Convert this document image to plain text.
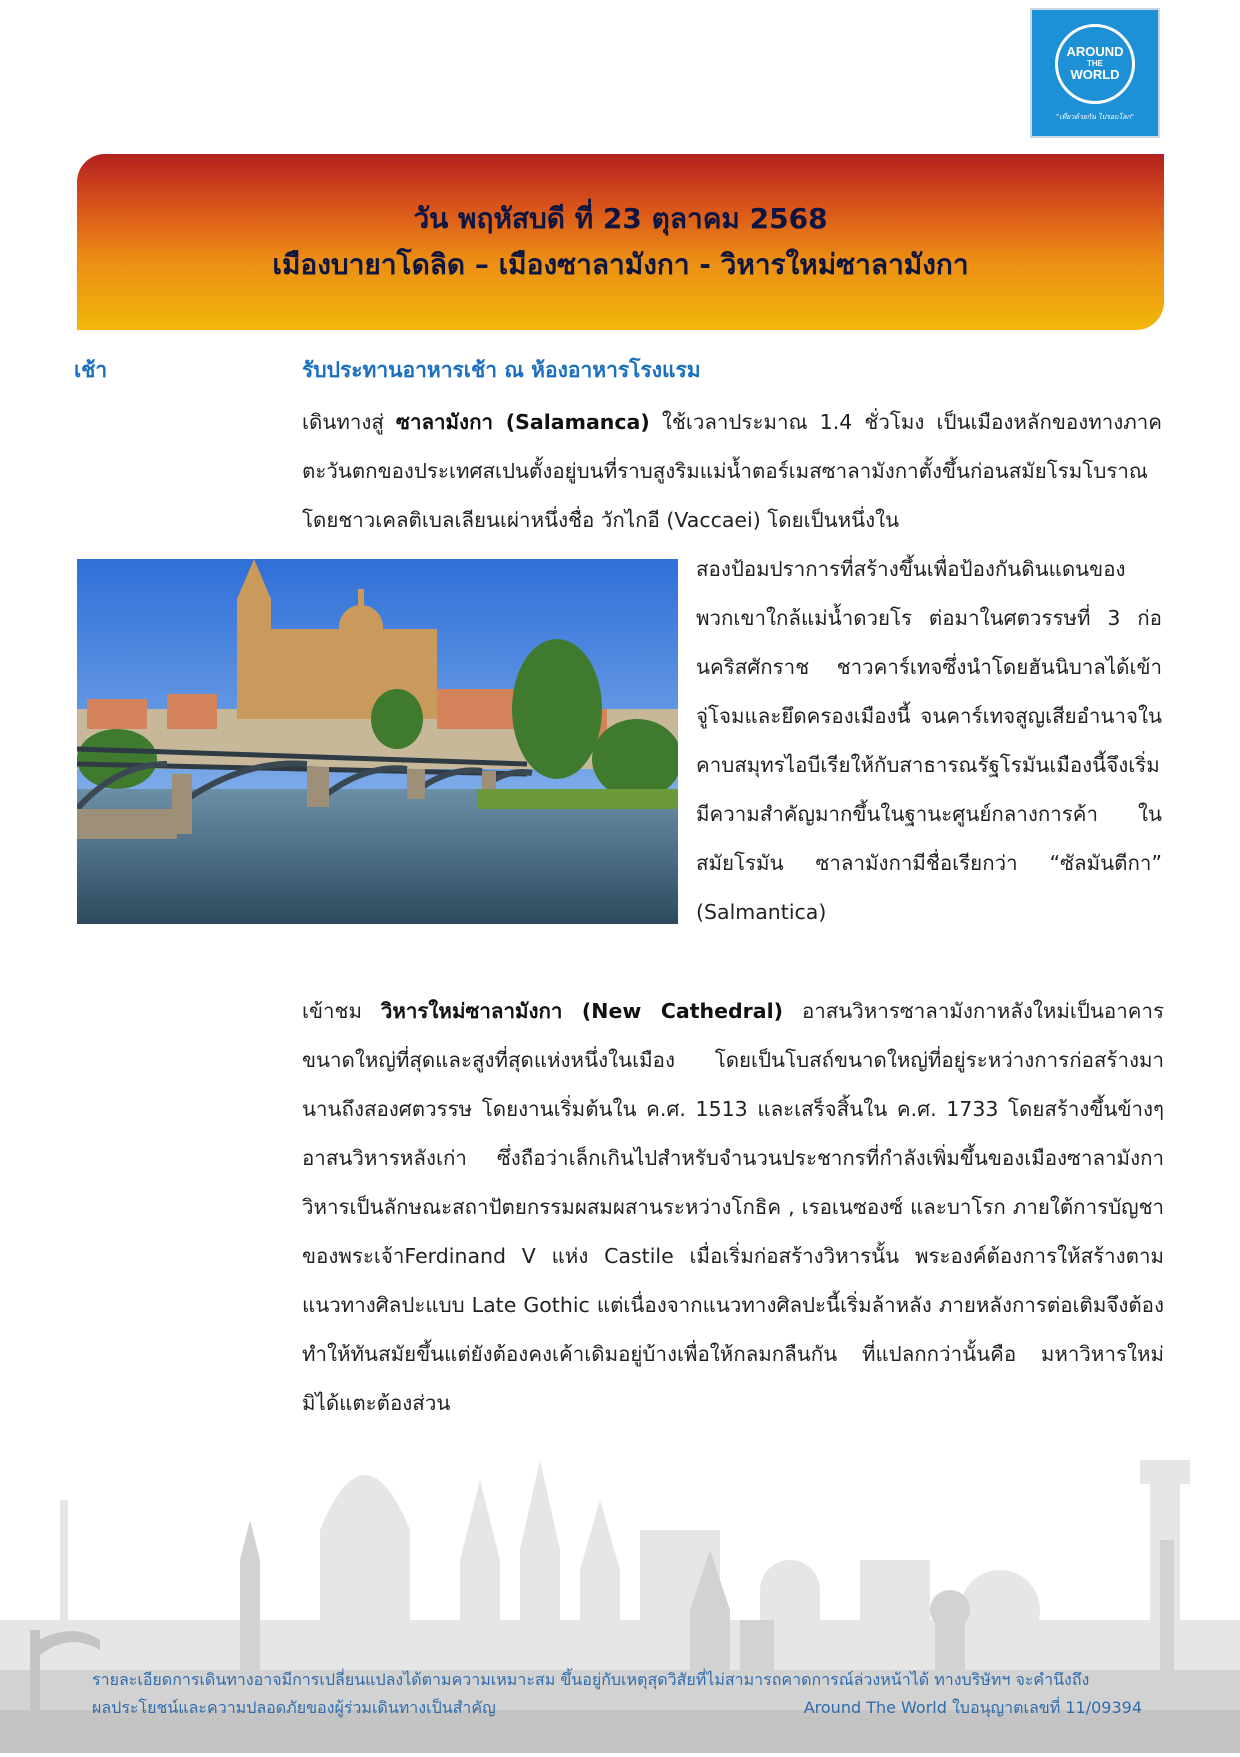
AROUND
THE
WORLD
"เที่ยวด้วยกัน ไปรอบโลก"
วัน พฤหัสบดี ที่ 23 ตุลาคม 2568
เมืองบายาโดลิด – เมืองซาลามังกา - วิหารใหม่ซาลามังกา
เช้า	รับประทานอาหารเช้า ณ ห้องอาหารโรงแรม
เดินทางสู่ ซาลามังกา (Salamanca) ใช้เวลาประมาณ 1.4 ชั่วโมง เป็นเมืองหลักของทางภาคตะวันตกของประเทศสเปนตั้งอยู่บนที่ราบสูงริมแม่น้ำตอร์เมสซาลามังกาตั้งขึ้นก่อนสมัยโรมโบราณโดยชาวเคลติเบลเลียนเผ่าหนึ่งชื่อ วักไกอี (Vaccaei) โดยเป็นหนึ่งใน
สองป้อมปราการที่สร้างขึ้นเพื่อป้องกันดินแดนของพวกเขาใกล้แม่น้ำดวยโร ต่อมาในศตวรรษที่ 3 ก่อนคริสศักราช ชาวคาร์เทจซึ่งนำโดยฮันนิบาลได้เข้าจู่โจมและยึดครองเมืองนี้ จนคาร์เทจสูญเสียอำนาจในคาบสมุทรไอบีเรียให้กับสาธารณรัฐโรมันเมืองนี้จึงเริ่มมีความสำคัญมากขึ้นในฐานะศูนย์กลางการค้า ในสมัยโรมัน ซาลามังกามีชื่อเรียกว่า “ซัลมันตีกา” (Salmantica)
เข้าชม วิหารใหม่ซาลามังกา (New Cathedral) อาสนวิหารซาลามังกาหลังใหม่เป็นอาคารขนาดใหญ่ที่สุดและสูงที่สุดแห่งหนึ่งในเมือง โดยเป็นโบสถ์ขนาดใหญ่ที่อยู่ระหว่างการก่อสร้างมานานถึงสองศตวรรษ โดยงานเริ่มต้นใน ค.ศ. 1513 และเสร็จสิ้นใน ค.ศ. 1733 โดยสร้างขึ้นข้างๆ อาสนวิหารหลังเก่า ซึ่งถือว่าเล็กเกินไปสำหรับจำนวนประชากรที่กำลังเพิ่มขึ้นของเมืองซาลามังกา วิหารเป็นลักษณะสถาปัตยกรรมผสมผสานระหว่างโกธิค , เรอเนซองซ์ และบาโรก ภายใต้การบัญชาของพระเจ้าFerdinand V แห่ง Castile เมื่อเริ่มก่อสร้างวิหารนั้น พระองค์ต้องการให้สร้างตามแนวทางศิลปะแบบ Late Gothic แต่เนื่องจากแนวทางศิลปะนี้เริ่มล้าหลัง ภายหลังการต่อเติมจึงต้องทำให้ทันสมัยขึ้นแต่ยังต้องคงเค้าเดิมอยู่บ้างเพื่อให้กลมกลืนกัน ที่แปลกกว่านั้นคือ มหาวิหารใหม่มิได้แตะต้องส่วน
รายละเอียดการเดินทางอาจมีการเปลี่ยนแปลงได้ตามความเหมาะสม ขึ้นอยู่กับเหตุสุดวิสัยที่ไม่สามารถคาดการณ์ล่วงหน้าได้ ทางบริษัทฯ จะคำนึงถึง
ผลประโยชน์และความปลอดภัยของผู้ร่วมเดินทางเป็นสำคัญ	Around The World ใบอนุญาตเลขที่ 11/09394
